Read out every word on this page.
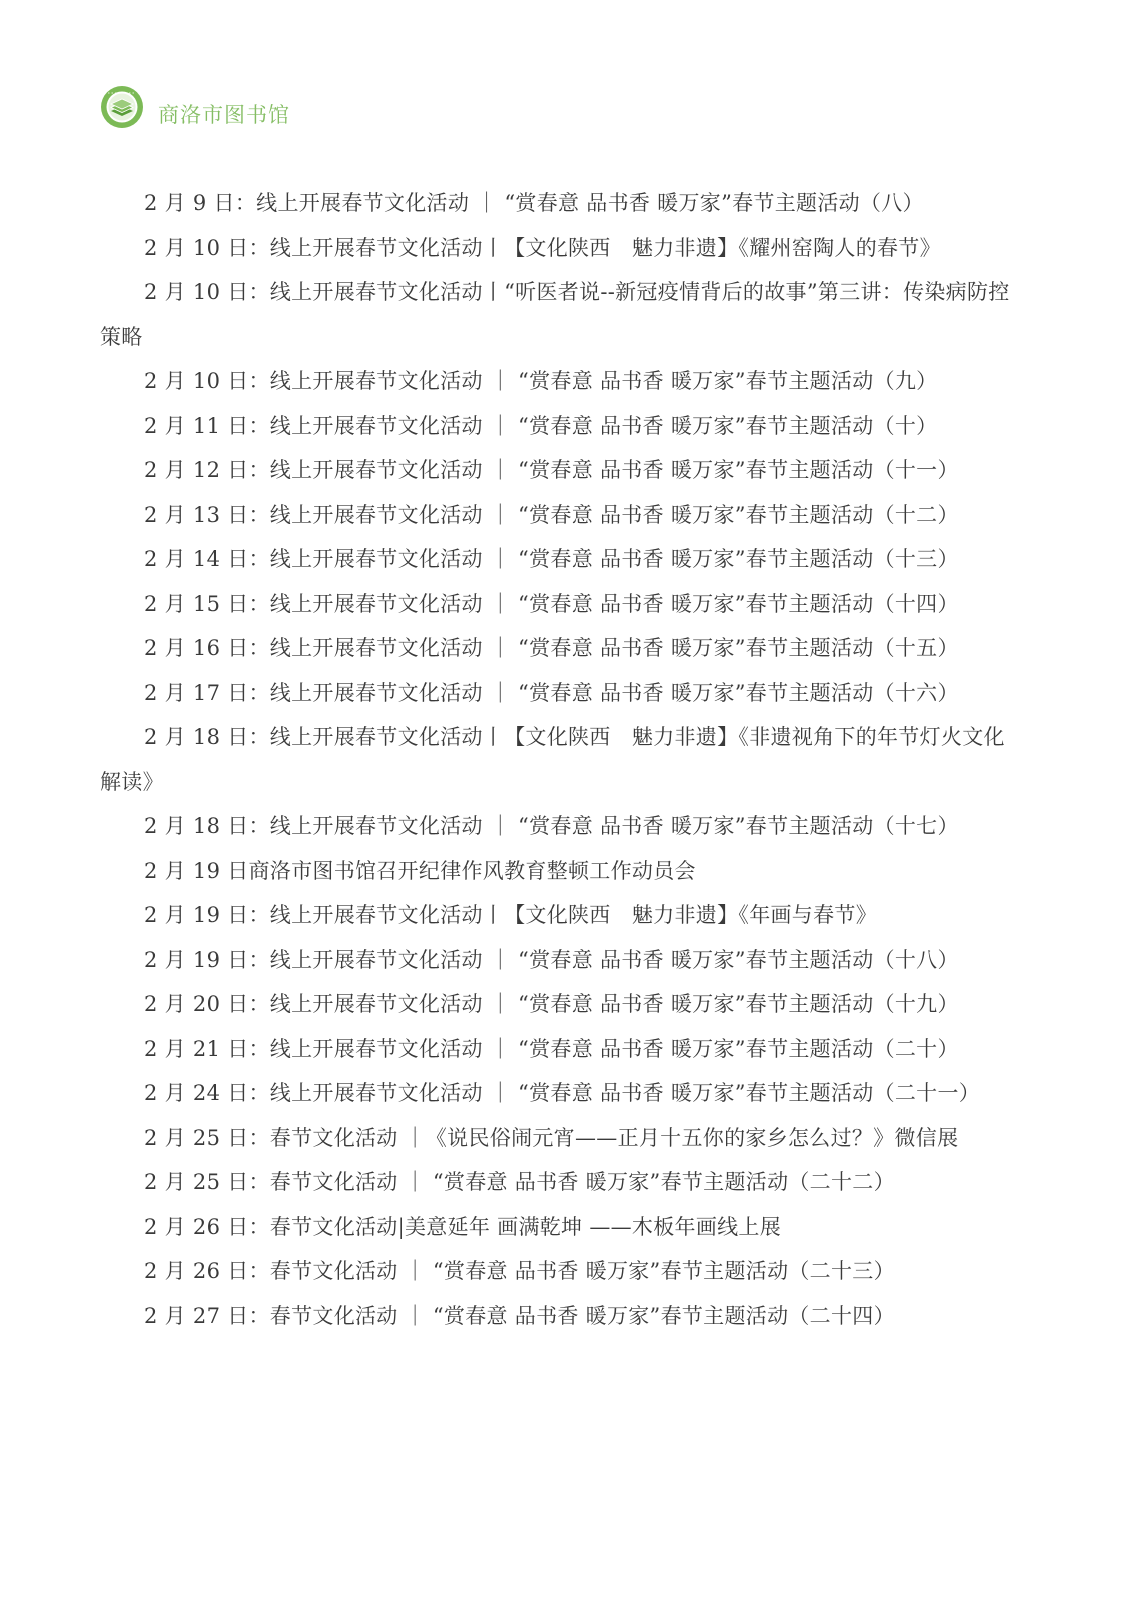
商洛市图书馆

2 月 9 日：线上开展春节文化活动 ｜ “赏春意 品书香 暖万家”春节主题活动（八）

2 月 10 日：线上开展春节文化活动丨【文化陕西　魅力非遗】《耀州窑陶人的春节》

2 月 10 日：线上开展春节文化活动丨“听医者说--新冠疫情背后的故事”第三讲：传染病防控策略

2 月 10 日：线上开展春节文化活动 ｜ “赏春意 品书香 暖万家”春节主题活动（九）

2 月 11 日：线上开展春节文化活动 ｜ “赏春意 品书香 暖万家”春节主题活动（十）

2 月 12 日：线上开展春节文化活动 ｜ “赏春意 品书香 暖万家”春节主题活动（十一）

2 月 13 日：线上开展春节文化活动 ｜ “赏春意 品书香 暖万家”春节主题活动（十二）

2 月 14 日：线上开展春节文化活动 ｜ “赏春意 品书香 暖万家”春节主题活动（十三）

2 月 15 日：线上开展春节文化活动 ｜ “赏春意 品书香 暖万家”春节主题活动（十四）

2 月 16 日：线上开展春节文化活动 ｜ “赏春意 品书香 暖万家”春节主题活动（十五）

2 月 17 日：线上开展春节文化活动 ｜ “赏春意 品书香 暖万家”春节主题活动（十六）

2 月 18 日：线上开展春节文化活动丨【文化陕西　魅力非遗】《非遗视角下的年节灯火文化解读》

2 月 18 日：线上开展春节文化活动 ｜ “赏春意 品书香 暖万家”春节主题活动（十七）

2 月 19 日商洛市图书馆召开纪律作风教育整顿工作动员会

2 月 19 日：线上开展春节文化活动丨【文化陕西　魅力非遗】《年画与春节》

2 月 19 日：线上开展春节文化活动 ｜ “赏春意 品书香 暖万家”春节主题活动（十八）

2 月 20 日：线上开展春节文化活动 ｜ “赏春意 品书香 暖万家”春节主题活动（十九）

2 月 21 日：线上开展春节文化活动 ｜ “赏春意 品书香 暖万家”春节主题活动（二十）

2 月 24 日：线上开展春节文化活动 ｜ “赏春意 品书香 暖万家”春节主题活动（二十一）

2 月 25 日：春节文化活动 ｜《说民俗闹元宵——正月十五你的家乡怎么过？》微信展

2 月 25 日：春节文化活动 ｜ “赏春意 品书香 暖万家”春节主题活动（二十二）

2 月 26 日：春节文化活动|美意延年 画满乾坤 ——木板年画线上展

2 月 26 日：春节文化活动 ｜ “赏春意 品书香 暖万家”春节主题活动（二十三）

2 月 27 日：春节文化活动 ｜ “赏春意 品书香 暖万家”春节主题活动（二十四）
